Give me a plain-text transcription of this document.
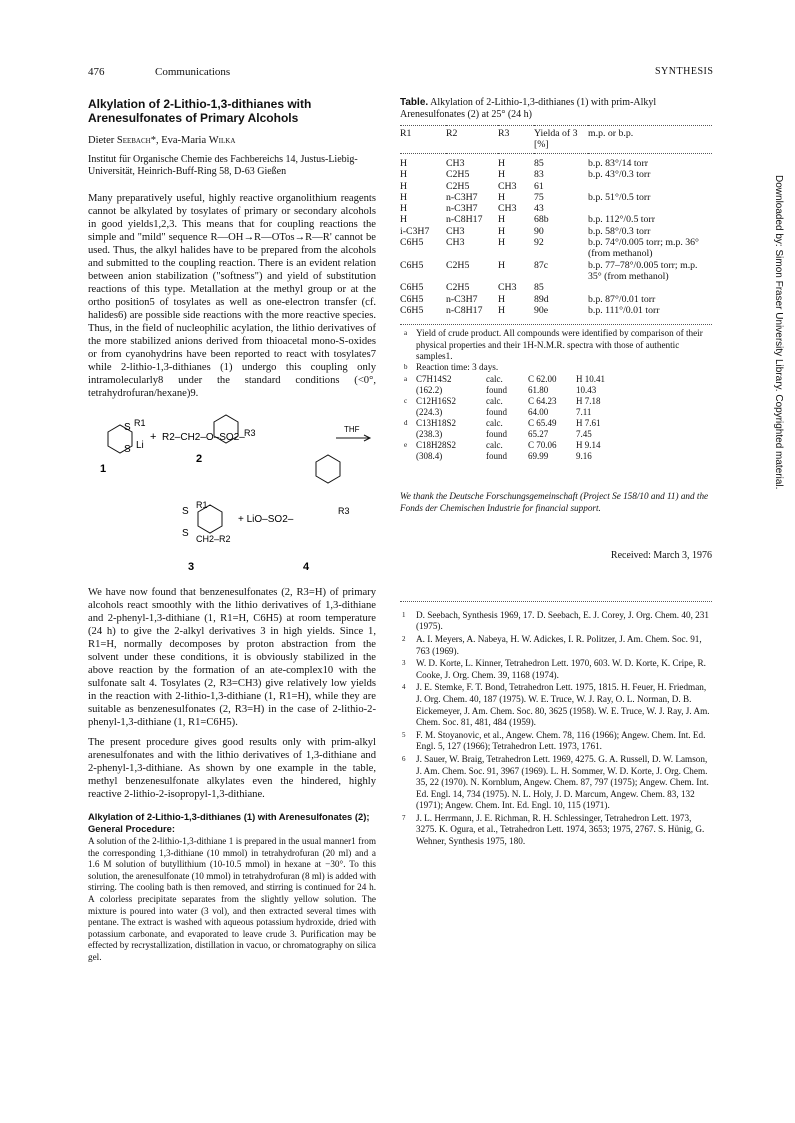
476	Communications	SYNTHESIS
Alkylation of 2-Lithio-1,3-dithianes with Arenesulfonates of Primary Alcohols

Dieter Seebach*, Eva-Maria Wilka

Institut für Organische Chemie des Fachbereichs 14, Justus-Liebig-Universität, Heinrich-Buff-Ring 58, D-63 Gießen

Many preparatively useful, highly reactive organolithium reagents cannot be alkylated by tosylates of primary or secondary alcohols in good yields1,2,3. This means that for coupling reactions the simple and "mild" sequence R—OH→R—OTos→R—R' cannot be used. Thus, the alkyl halides have to be prepared from the alcohols and submitted to the coupling reaction. There is an evident relation between anion stabilization ("softness") and yield of substitution reactions of this type. Metallation at the methyl group or at the ortho position5 of tosylates as well as one-electron transfer (cf. halides6) are possible side reactions with the more reactive species. Thus, in the field of nucleophilic acylation, the lithio derivatives of the more stabilized anions derived from thioacetal mono-S-oxides or from cyanohydrins have been reported to react with tosylates7 while 2-lithio-1,3-dithianes (1) undergo this coupling only intramolecularly8 under the standard conditions (<0°, tetrahydrofuran/hexane)9.

S R1
S Li
1
+ R2–CH2–O–SO2– R3	THF
2
S
R1
S CH2–R2
+ LiO–SO2–
R3
3	4

We have now found that benzenesulfonates (2, R3=H) of primary alcohols react smoothly with the lithio derivatives of 1,3-dithiane and 2-phenyl-1,3-dithiane (1, R1=H, C6H5) at room temperature (24 h) to give the 2-alkyl derivatives 3 in high yields. Since 1, R1=H, normally decomposes by proton abstraction from the solvent under these conditions, it is obviously stabilized in the above reaction by the formation of an ate-complex10 with the sulfonate salt 4. Tosylates (2, R3=CH3) give relatively low yields in the reaction with 2-lithio-1,3-dithiane (1, R1=H), while they are suitable as benzenesulfonates (2, R3=H) in the case of 2-lithio-2-phenyl-1,3-dithiane (1, R1=C6H5).

The present procedure gives good results only with prim-alkyl arenesulfonates and with the lithio derivatives of 1,3-dithiane and 2-phenyl-1,3-dithiane. As shown by one example in the table, methyl benzenesulfonate alkylates even the hindered, highly reactive 2-lithio-2-isopropyl-1,3-dithiane.

Alkylation of 2-Lithio-1,3-dithianes (1) with Arenesulfonates (2); General Procedure:

A solution of the 2-lithio-1,3-dithiane 1 is prepared in the usual manner1 from the corresponding 1,3-dithiane (10 mmol) in tetrahydrofuran (20 ml) and a 1.6 M solution of butyllithium (10-10.5 mmol) in hexane at −30°. To this solution, the arenesulfonate (10 mmol) in tetrahydrofuran (8 ml) is added with stirring. The cooling bath is then removed, and stirring is continued for 24 h. A colorless precipitate separates from the slightly yellow solution. The mixture is poured into water (3 vol), and then extracted several times with pentane. The extract is washed with aqueous potassium hydroxide, dried with potassium carbonate, and evaporated to leave crude 3. Purification may be effected by recrystallization, distillation in vacuo, or chromatography on silica gel.

Table. Alkylation of 2-Lithio-1,3-dithianes (1) with prim-Alkyl Arenesulfonates (2) at 25° (24 h)
R1	R2	R3	Yielda of 3 [%]	m.p. or b.p.
H	CH3	H	85	b.p. 83°/14 torr
H	C2H5	H	83	b.p. 43°/0.3 torr
H	C2H5	CH3	61	
H	n-C3H7	H	75	b.p. 51°/0.5 torr
H	n-C3H7	CH3	43	
H	n-C8H17	H	68b	b.p. 112°/0.5 torr
i-C3H7	CH3	H	90	b.p. 58°/0.3 torr
C6H5	CH3	H	92	b.p. 74°/0.005 torr; m.p. 36° (from methanol)
C6H5	C2H5	H	87c	b.p. 77–78°/0.005 torr; m.p. 35° (from methanol)
C6H5	C2H5	CH3	85	
C6H5	n-C3H7	H	89d	b.p. 87°/0.01 torr
C6H5	n-C8H17	H	90e	b.p. 111°/0.01 torr
a Yield of crude product. All compounds were identified by comparison of their physical properties and their 1H-N.M.R. spectra with those of authentic samples1.
b Reaction time: 3 days.
a C7H14S2	calc.	C 62.00	H 10.41
(162.2)	found	61.80	10.43
c C12H16S2	calc.	C 64.23	H 7.18
(224.3)	found	64.00	7.11
d C13H18S2	calc.	C 65.49	H 7.61
(238.3)	found	65.27	7.45
e C18H28S2	calc.	C 70.06	H 9.14
(308.4)	found	69.99	9.16
We thank the Deutsche Forschungsgemeinschaft (Project Se 158/10 and 11) and the Fonds der Chemischen Industrie for financial support.
Received: March 3, 1976
1 D. Seebach, Synthesis 1969, 17. D. Seebach, E. J. Corey, J. Org. Chem. 40, 231 (1975).
2 A. I. Meyers, A. Nabeya, H. W. Adickes, I. R. Politzer, J. Am. Chem. Soc. 91, 763 (1969).
3 W. D. Korte, L. Kinner, Tetrahedron Lett. 1970, 603. W. D. Korte, K. Cripe, R. Cooke, J. Org. Chem. 39, 1168 (1974).
4 J. E. Stemke, F. T. Bond, Tetrahedron Lett. 1975, 1815. H. Feuer, H. Friedman, J. Org. Chem. 40, 187 (1975). W. E. Truce, W. J. Ray, O. L. Norman, D. B. Eickemeyer, J. Am. Chem. Soc. 80, 3625 (1958). W. E. Truce, W. J. Ray, J. Am. Chem. Soc. 81, 481, 484 (1959).
5 F. M. Stoyanovic, et al., Angew. Chem. 78, 116 (1966); Angew. Chem. Int. Ed. Engl. 5, 127 (1966); Tetrahedron Lett. 1973, 1761.
6 J. Sauer, W. Braig, Tetrahedron Lett. 1969, 4275. G. A. Russell, D. W. Lamson, J. Am. Chem. Soc. 91, 3967 (1969). L. H. Sommer, W. D. Korte, J. Org. Chem. 35, 22 (1970). N. Kornblum, Angew. Chem. 87, 797 (1975); Angew. Chem. Int. Ed. Engl. 14, 734 (1975). N. L. Holy, J. D. Marcum, Angew. Chem. 83, 132 (1971); Angew. Chem. Int. Ed. Engl. 10, 115 (1971).
7 J. L. Herrmann, J. E. Richman, R. H. Schlessinger, Tetrahedron Lett. 1973, 3275. K. Ogura, et al., Tetrahedron Lett. 1974, 3653; 1975, 2767. S. Hünig, G. Wehner, Synthesis 1975, 180.
Downloaded by: Simon Fraser University Library. Copyrighted material.
